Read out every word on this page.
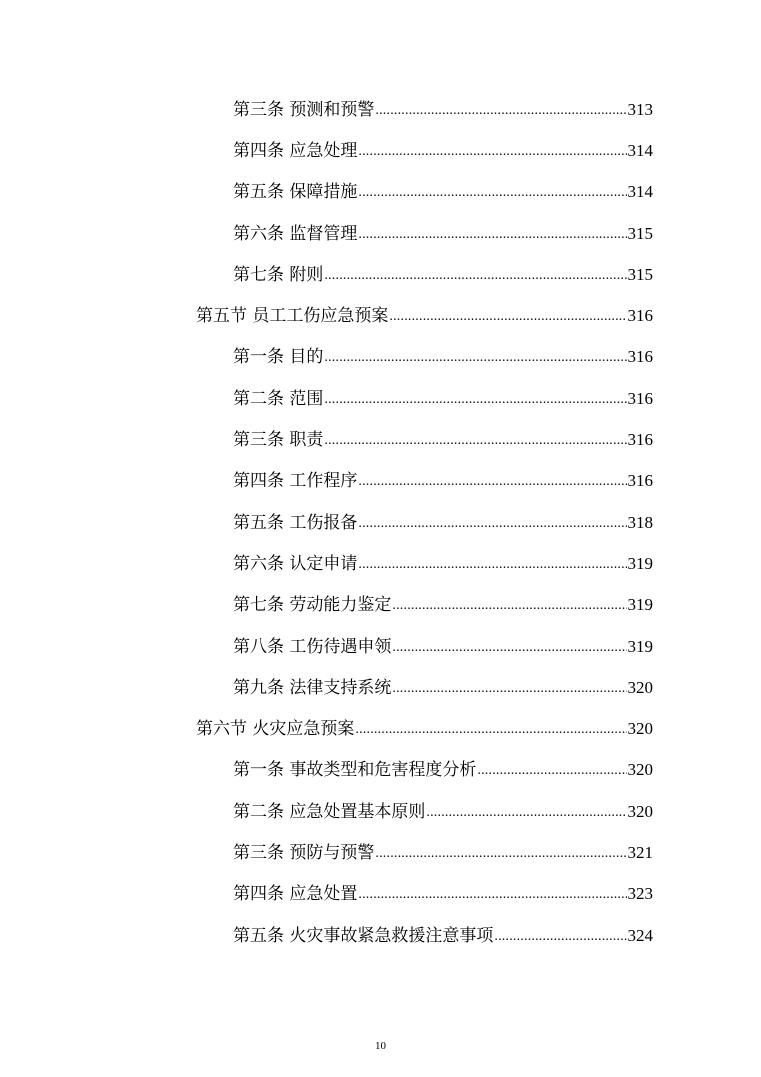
第三条 预测和预警 .....	313
第四条 应急处理 .....	314
第五条 保障措施 .....	314
第六条 监督管理 .....	315
第七条 附则 .....	315
第五节 员工工伤应急预案 .....	316
第一条 目的 .....	316
第二条 范围 .....	316
第三条 职责 .....	316
第四条 工作程序 .....	316
第五条 工伤报备 .....	318
第六条 认定申请 .....	319
第七条 劳动能力鉴定 .....	319
第八条 工伤待遇申领 .....	319
第九条 法律支持系统 .....	320
第六节 火灾应急预案 .....	320
第一条 事故类型和危害程度分析 .....	320
第二条 应急处置基本原则 .....	320
第三条 预防与预警 .....	321
第四条 应急处置 .....	323
第五条 火灾事故紧急救援注意事项 .....	324
10
